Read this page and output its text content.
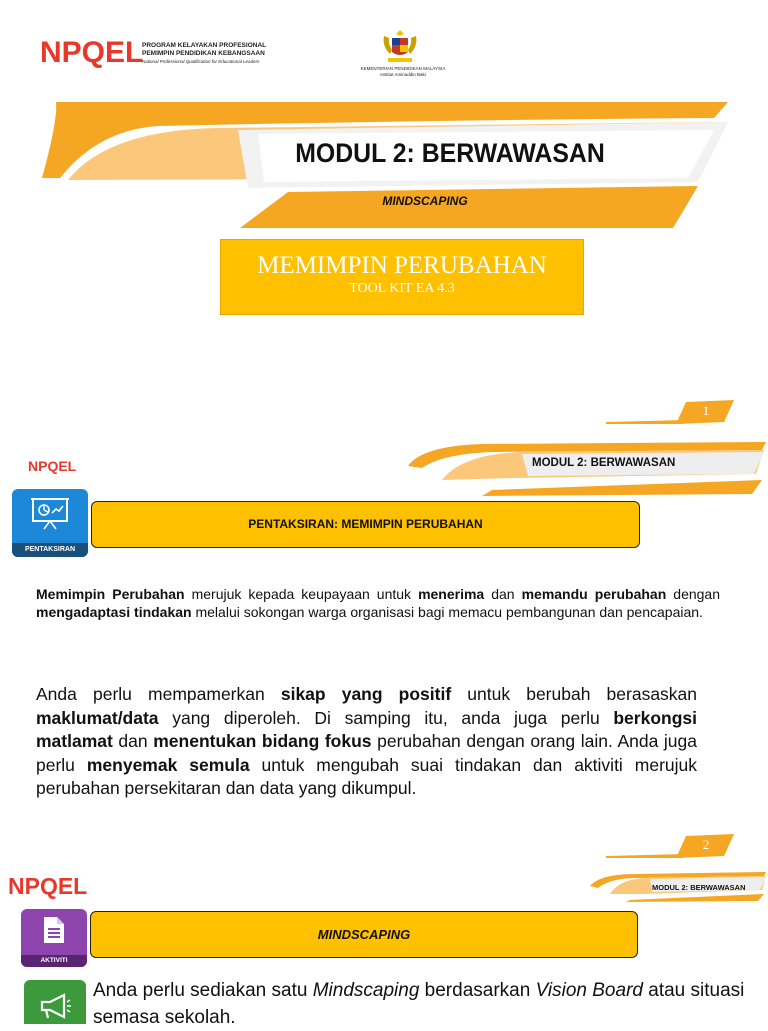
NPQEL
PROGRAM KELAYAKAN PROFESIONAL
PEMIMPIN PENDIDIKAN KEBANGSAAN
National Professional Qualification for Educational Leaders
KEMENTERIAN PENDIDIKAN MALAYSIA
Institut Aminuddin Baki
MODUL 2: BERWAWASAN
MINDSCAPING
MEMIMPIN PERUBAHAN
TOOL KIT EA 4.3
1
NPQEL	MODUL 2: BERWAWASAN
PENTAKSIRAN
PENTAKSIRAN: MEMIMPIN PERUBAHAN
Memimpin Perubahan merujuk kepada keupayaan untuk menerima dan memandu perubahan dengan mengadaptasi tindakan melalui sokongan warga organisasi bagi memacu pembangunan dan pencapaian.
Anda perlu mempamerkan sikap yang positif untuk berubah berasaskan maklumat/data yang diperoleh. Di samping itu, anda juga perlu berkongsi matlamat dan menentukan bidang fokus perubahan dengan orang lain. Anda juga perlu menyemak semula untuk mengubah suai tindakan dan aktiviti merujuk perubahan persekitaran dan data yang dikumpul.
2
NPQEL	MODUL 2: BERWAWASAN
AKTIVITI
MINDSCAPING
Anda perlu sediakan satu Mindscaping berdasarkan Vision Board atau situasi semasa sekolah.
